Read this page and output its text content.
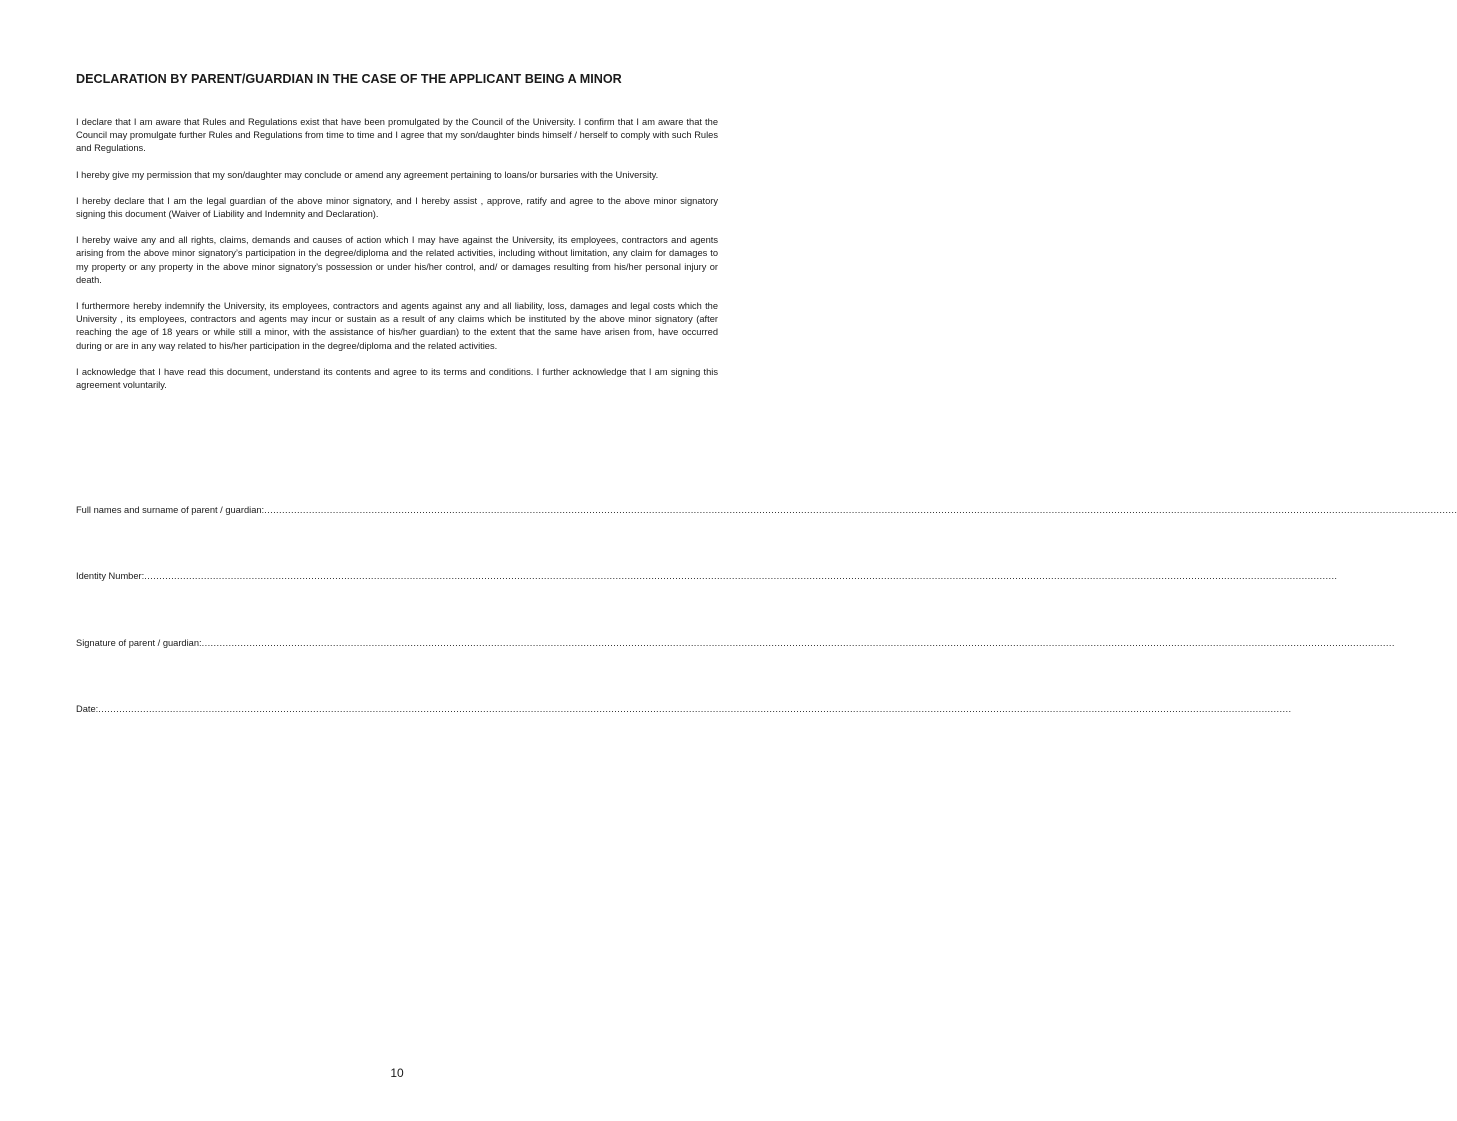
DECLARATION BY PARENT/GUARDIAN IN THE CASE OF THE APPLICANT BEING A MINOR

I declare that I am aware that Rules and Regulations exist that have been promulgated by the Council of the University. I confirm that I am aware that the Council may promulgate further Rules and Regulations from time to time and I agree that my son/daughter binds himself / herself to comply with such Rules and Regulations.

I hereby give my permission that my son/daughter may conclude or amend any agreement pertaining to loans/or bursaries with the University.

I hereby declare that I am the legal guardian of the above minor signatory, and I hereby assist , approve, ratify and agree to the above minor signatory signing this document (Waiver of Liability and Indemnity and Declaration).

I hereby waive any and all rights, claims, demands and causes of action which I may have against the University, its employees, contractors and agents arising from the above minor signatory’s participation in the degree/diploma and the related activities, including without limitation, any claim for damages to my property or any property in the above minor signatory’s possession or under his/her control, and/ or damages resulting from his/her personal injury or death.

I furthermore hereby indemnify the University, its employees, contractors and agents against any and all liability, loss, damages and legal costs which the University , its employees, contractors and agents may incur or sustain as a result of any claims which be instituted by the above minor signatory (after reaching the age of 18 years or while still a minor, with the assistance of his/her guardian) to the extent that the same have arisen from, have occurred during or are in any way related to his/her participation in the degree/diploma and the related activities.

I acknowledge that I have read this document, understand its contents and agree to its terms and conditions. I further acknowledge that I am signing this agreement voluntarily.

Full names and surname of parent / guardian: ................................................................................................................................................................................................................................................................................................................................................................................................................
Identity Number: ................................................................................................................................................................................................................................................................................................................................................................................................................
Signature of parent / guardian: ................................................................................................................................................................................................................................................................................................................................................................................................................
Date: ................................................................................................................................................................................................................................................................................................................................................................................................................
10
